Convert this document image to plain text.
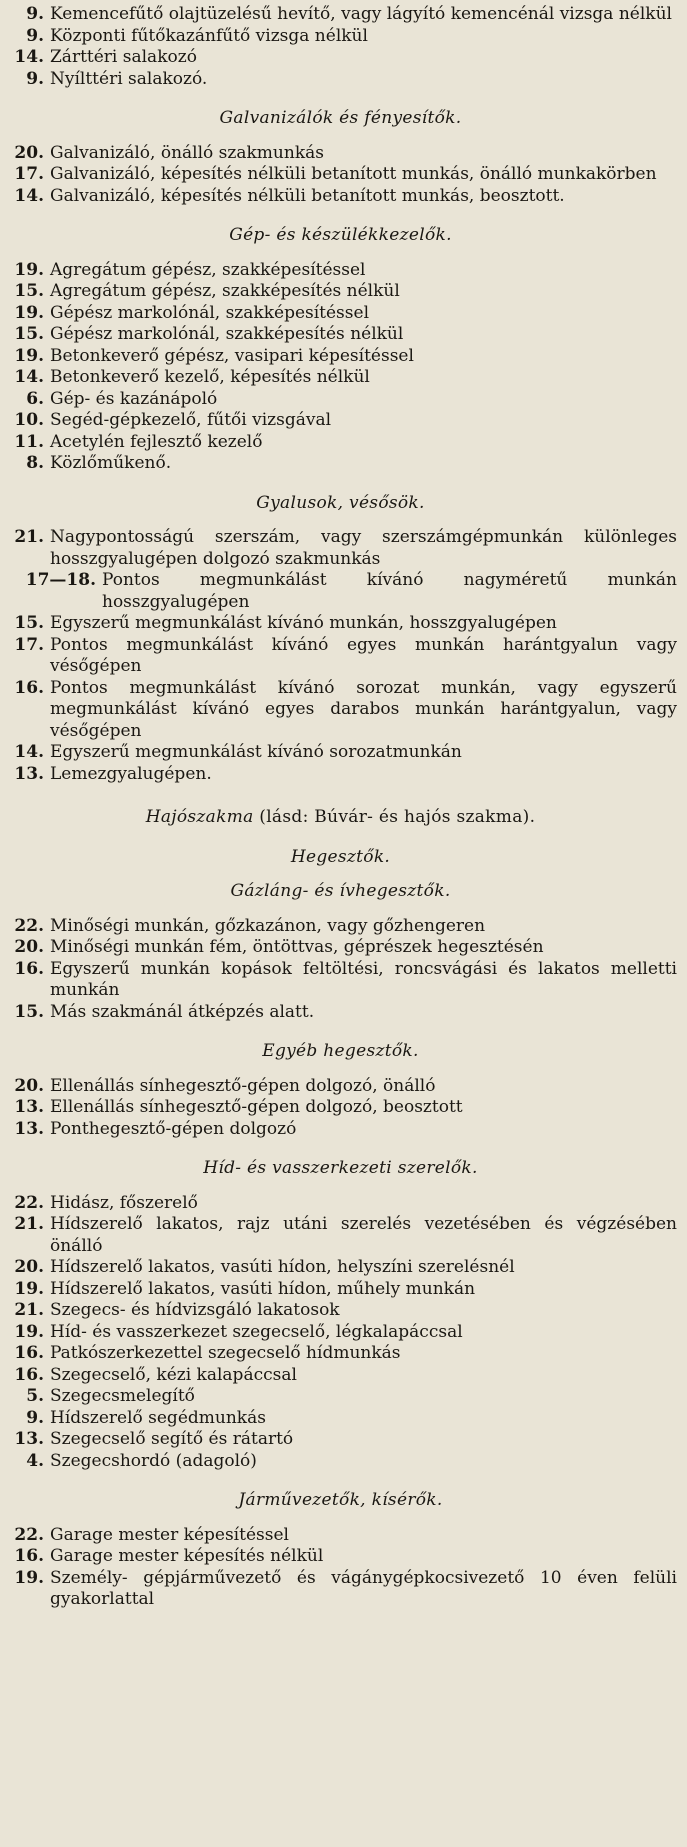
9. Kemencefűtő olajtüzelésű hevítő, vagy lágyító kemencénál vizsga nélkül
9. Központi fűtőkazánfűtő vizsga nélkül
14. Zárttéri salakozó
9. Nyílttéri salakozó.
Galvanizálók és fényesítők.
20. Galvanizáló, önálló szakmunkás
17. Galvanizáló, képesítés nélküli betanított munkás, önálló munkakörben
14. Galvanizáló, képesítés nélküli betanított munkás, beosztott.
Gép- és készülékkezelők.
19. Agregátum gépész, szakképesítéssel
15. Agregátum gépész, szakképesítés nélkül
19. Gépész markolónál, szakképesítéssel
15. Gépész markolónál, szakképesítés nélkül
19. Betonkeverő gépész, vasipari képesítéssel
14. Betonkeverő kezelő, képesítés nélkül
6. Gép- és kazánápoló
10. Segéd-gépkezelő, fűtői vizsgával
11. Acetylén fejlesztő kezelő
8. Közlőműkenő.
Gyalusok, vésősök.
21. Nagypontosságú szerszám, vagy szerszámgépmunkán különleges hosszgyalugépen dolgozó szakmunkás
17—18. Pontos megmunkálást kívánó nagyméretű munkán hosszgyalugépen
15. Egyszerű megmunkálást kívánó munkán, hosszgyalugépen
17. Pontos megmunkálást kívánó egyes munkán harántgyalun vagy vésőgépen
16. Pontos megmunkálást kívánó sorozat munkán, vagy egyszerű megmunkálást kívánó egyes darabos munkán harántgyalun, vagy vésőgépen
14. Egyszerű megmunkálást kívánó sorozatmunkán
13. Lemezgyalugépen.
Hajószakma (lásd: Búvár- és hajós szakma).
Hegesztők.
Gázláng- és ívhegesztők.
22. Minőségi munkán, gőzkazánon, vagy gőzhengeren
20. Minőségi munkán fém, öntöttvas, géprészek hegesztésén
16. Egyszerű munkán kopások feltöltési, roncsvágási és lakatos melletti munkán
15. Más szakmánál átképzés alatt.
Egyéb hegesztők.
20. Ellenállás sínhegesztő-gépen dolgozó, önálló
13. Ellenállás sínhegesztő-gépen dolgozó, beosztott
13. Ponthegesztő-gépen dolgozó
Híd- és vasszerkezeti szerelők.
22. Hidász, főszerelő
21. Hídszerelő lakatos, rajz utáni szerelés vezetésében és végzésében önálló
20. Hídszerelő lakatos, vasúti hídon, helyszíni szerelésnél
19. Hídszerelő lakatos, vasúti hídon, műhely munkán
21. Szegecs- és hídvizsgáló lakatosok
19. Híd- és vasszerkezet szegecselő, légkalapáccsal
16. Patkószerkezettel szegecselő hídmunkás
16. Szegecselő, kézi kalapáccsal
5. Szegecsmelegítő
9. Hídszerelő segédmunkás
13. Szegecselő segítő és rátartó
4. Szegecshordó (adagoló)
Járművezetők, kísérők.
22. Garage mester képesítéssel
16. Garage mester képesítés nélkül
19. Személy- gépjárművezető és vágánygépkocsivezető 10 éven felüli gyakorlattal
